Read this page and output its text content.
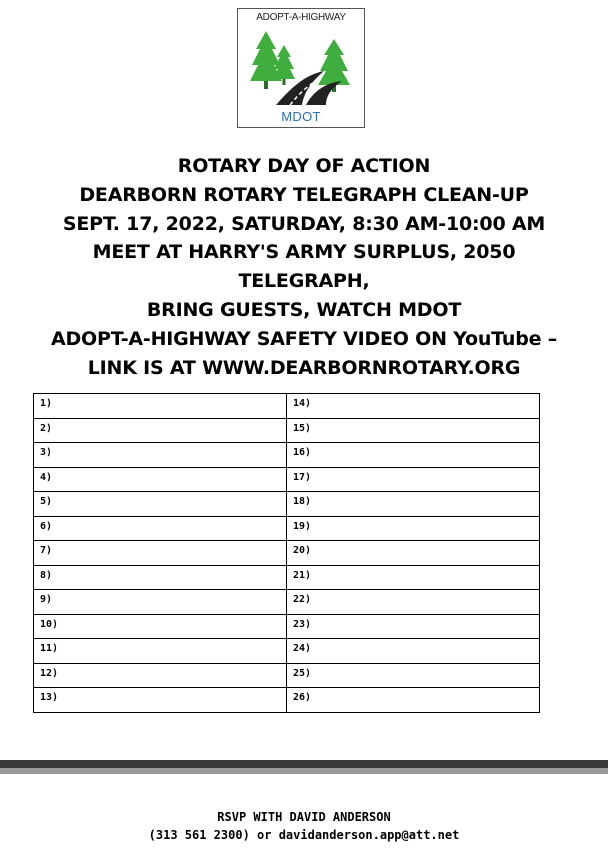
ADOPT-A-HIGHWAY
MDOT
ROTARY DAY OF ACTION
DEARBORN ROTARY TELEGRAPH CLEAN-UP
SEPT. 17, 2022, SATURDAY, 8:30 AM-10:00 AM
MEET AT HARRY'S ARMY SURPLUS, 2050
TELEGRAPH,
BRING GUESTS, WATCH MDOT
ADOPT-A-HIGHWAY SAFETY VIDEO ON YouTube –
LINK IS AT WWW.DEARBORNROTARY.ORG
1)	14)
2)	15)
3)	16)
4)	17)
5)	18)
6)	19)
7)	20)
8)	21)
9)	22)
10)	23)
11)	24)
12)	25)
13)	26)
RSVP WITH DAVID ANDERSON
(313 561 2300) or davidanderson.app@att.net
